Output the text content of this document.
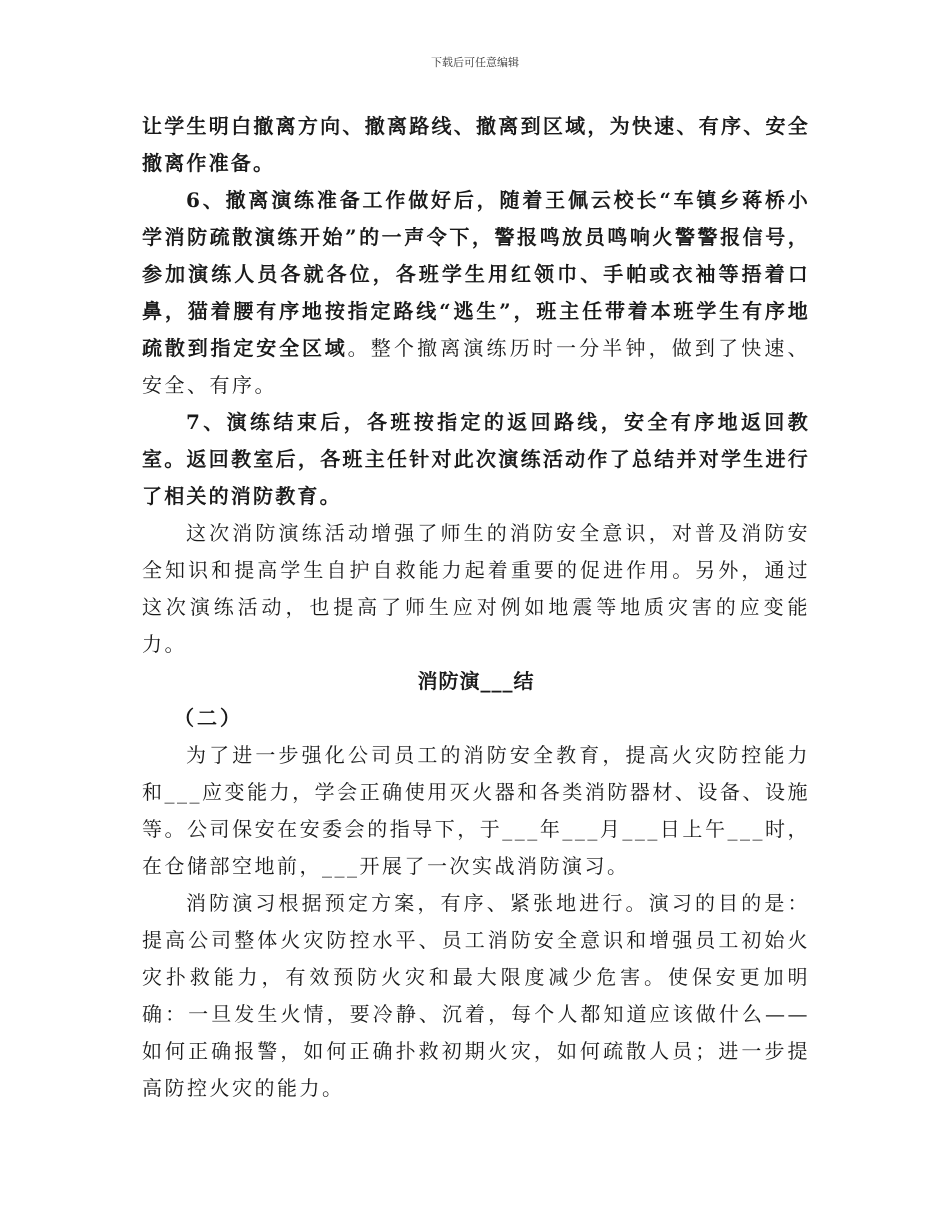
下载后可任意编辑

让学生明白撤离方向、撤离路线、撤离到区域，为快速、有序、安全撤离作准备。

6、撤离演练准备工作做好后，随着王佩云校长“车镇乡蒋桥小学消防疏散演练开始”的一声令下，警报鸣放员鸣响火警警报信号，参加演练人员各就各位，各班学生用红领巾、手帕或衣袖等捂着口鼻，猫着腰有序地按指定路线“逃生”，班主任带着本班学生有序地疏散到指定安全区域。整个撤离演练历时一分半钟，做到了快速、安全、有序。

7、演练结束后，各班按指定的返回路线，安全有序地返回教室。返回教室后，各班主任针对此次演练活动作了总结并对学生进行了相关的消防教育。

这次消防演练活动增强了师生的消防安全意识，对普及消防安全知识和提高学生自护自救能力起着重要的促进作用。另外，通过这次演练活动，也提高了师生应对例如地震等地质灾害的应变能力。

消防演___结

（二）

为了进一步强化公司员工的消防安全教育，提高火灾防控能力和___应变能力，学会正确使用灭火器和各类消防器材、设备、设施等。公司保安在安委会的指导下，于___年___月___日上午___时，在仓储部空地前，___开展了一次实战消防演习。

消防演习根据预定方案，有序、紧张地进行。演习的目的是：提高公司整体火灾防控水平、员工消防安全意识和增强员工初始火灾扑救能力，有效预防火灾和最大限度减少危害。使保安更加明确：一旦发生火情，要冷静、沉着，每个人都知道应该做什么——如何正确报警，如何正确扑救初期火灾，如何疏散人员；进一步提高防控火灾的能力。
